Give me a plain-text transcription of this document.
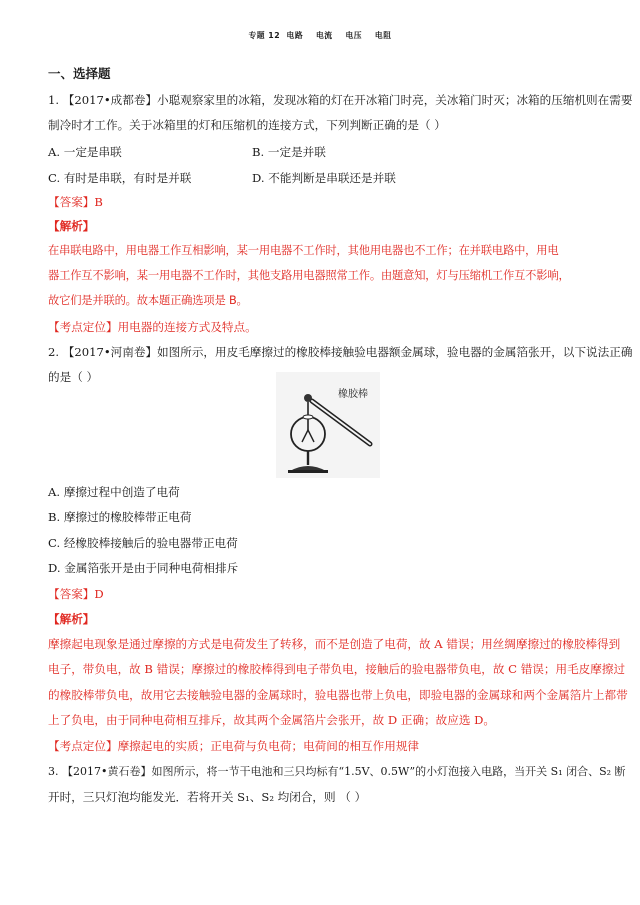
专题 12  电路    电流    电压    电阻
一、选择题
1. 【2017•成都卷】小聪观察家里的冰箱，发现冰箱的灯在开冰箱门时亮，关冰箱门时灭；冰箱的压缩机则在需要
制冷时才工作。关于冰箱里的灯和压缩机的连接方式，下列判断正确的是（ ）
A. 一定是串联	B. 一定是并联
C. 有时是串联，有时是并联	D. 不能判断是串联还是并联
【答案】B
【解析】
在串联电路中，用电器工作互相影响，某一用电器不工作时，其他用电器也不工作；在并联电路中，用电
器工作互不影响，某一用电器不工作时，其他支路用电器照常工作。由题意知，灯与压缩机工作互不影响，
故它们是并联的。故本题正确选项是 B。
【考点定位】用电器的连接方式及特点。
2. 【2017•河南卷】如图所示，用皮毛摩擦过的橡胶棒接触验电器额金属球，验电器的金属箔张开，以下说法正确
的是（ ）
橡胶棒
A. 摩擦过程中创造了电荷
B. 摩擦过的橡胶棒带正电荷
C. 经橡胶棒接触后的验电器带正电荷
D. 金属箔张开是由于同种电荷相排斥
【答案】D
【解析】
摩擦起电现象是通过摩擦的方式是电荷发生了转移，而不是创造了电荷，故 A 错误；用丝绸摩擦过的橡胶棒得到
电子，带负电，故 B 错误；摩擦过的橡胶棒得到电子带负电，接触后的验电器带负电，故 C 错误；用毛皮摩擦过
的橡胶棒带负电，故用它去接触验电器的金属球时，验电器也带上负电，即验电器的金属球和两个金属箔片上都带
上了负电，由于同种电荷相互排斥，故其两个金属箔片会张开，故 D 正确；故应选 D。
【考点定位】摩擦起电的实质；正电荷与负电荷；电荷间的相互作用规律
3. 【2017•黄石卷】如图所示，将一节干电池和三只均标有“1.5V、0.5W”的小灯泡接入电路，当开关 S₁ 闭合、S₂ 断
开时，三只灯泡均能发光．若将开关 S₁、S₂ 均闭合，则 （ ）
